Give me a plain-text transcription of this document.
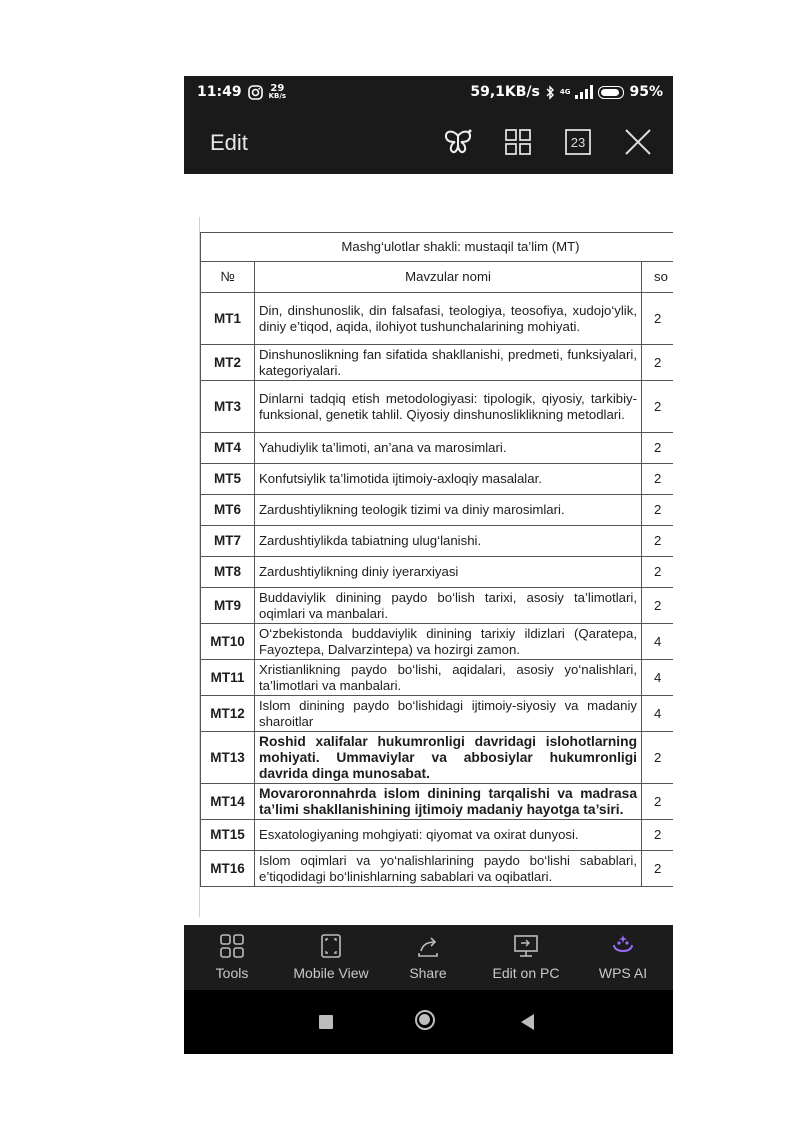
11:49	29
KB/s	59,1KB/s	4G	95%
Edit	23
Mashg‘ulotlar shakli: mustaqil ta’lim (MT)		
№	Mavzular nomi	so
MT1	Din, dinshunoslik, din falsafasi, teologiya, teosofiya, xudojo‘ylik, diniy e’tiqod, aqida, ilohiyot tushunchalarining mohiyati.	2
MT2	Dinshunoslikning fan sifatida shakllanishi, predmeti, funksiyalari, kategoriyalari.	2
MT3	Dinlarni tadqiq etish metodologiyasi: tipologik, qiyosiy, tarkibiy-funksional, genetik tahlil. Qiyosiy dinshunosliklikning metodlari.	2
MT4	Yahudiylik ta’limoti, an’ana va marosimlari.	2
MT5	Konfutsiylik ta’limotida ijtimoiy-axloqiy masalalar.	2
MT6	Zardushtiylikning teologik tizimi va diniy marosimlari.	2
MT7	Zardushtiylikda tabiatning ulug‘lanishi.	2
MT8	Zardushtiylikning diniy iyerarxiyasi	2
MT9	Buddaviylik dinining paydo bo‘lish tarixi, asosiy ta’limotlari, oqimlari va manbalari.	2
MT10	O‘zbekistonda buddaviylik dinining tarixiy ildizlari (Qaratepa, Fayoztepa, Dalvarzintepa) va hozirgi zamon.	4
MT11	Xristianlikning paydo bo‘lishi, aqidalari, asosiy yo‘nalishlari, ta’limotlari va manbalari.	4
MT12	Islom dinining paydo bo‘lishidagi ijtimoiy-siyosiy va madaniy sharoitlar	4
MT13	Roshid xalifalar hukumronligi davridagi islohotlarning mohiyati. Ummaviylar va abbosiylar hukumronligi davrida dinga munosabat.	2
MT14	Movaroronnahrda islom dinining tarqalishi va madrasa ta’limi shakllanishining ijtimoiy madaniy hayotga ta’siri.	2
MT15	Esxatologiyaning mohgiyati: qiyomat va oxirat dunyosi.	2
MT16	Islom oqimlari va yo‘nalishlarining paydo bo‘lishi sabablari, e’tiqodidagi bo‘linishlarning sabablari va oqibatlari.	2
Tools	Mobile View	Share	Edit on PC	WPS AI
